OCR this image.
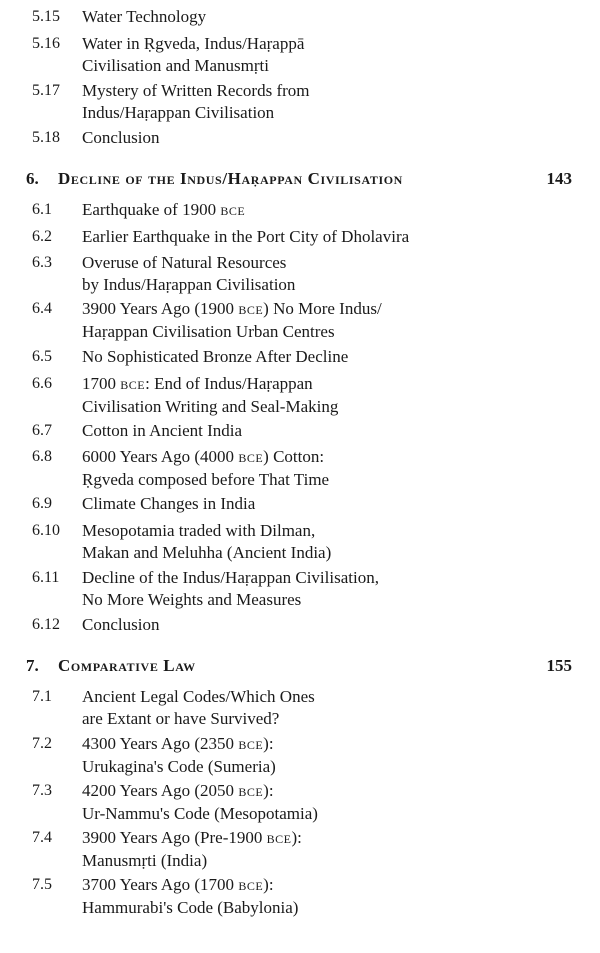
5.15 Water Technology
5.16 Water in Ṛgveda, Indus/Haṛappā
Civilisation and Manusmṛti
5.17 Mystery of Written Records from
Indus/Haṛappan Civilisation
5.18 Conclusion
6. Decline of the Indus/Haṛappan Civilisation	143
6.1 Earthquake of 1900 BCE
6.2 Earlier Earthquake in the Port City of Dholavira
6.3 Overuse of Natural Resources
by Indus/Haṛappan Civilisation
6.4 3900 Years Ago (1900 BCE) No More Indus/
Haṛappan Civilisation Urban Centres
6.5 No Sophisticated Bronze After Decline
6.6 1700 BCE: End of Indus/Haṛappan
Civilisation Writing and Seal-Making
6.7 Cotton in Ancient India
6.8 6000 Years Ago (4000 BCE) Cotton:
Ṛgveda composed before That Time
6.9 Climate Changes in India
6.10 Mesopotamia traded with Dilman,
Makan and Meluhha (Ancient India)
6.11 Decline of the Indus/Haṛappan Civilisation,
No More Weights and Measures
6.12 Conclusion
7. Comparative Law	155
7.1 Ancient Legal Codes/Which Ones
are Extant or have Survived?
7.2 4300 Years Ago (2350 BCE):
Urukagina's Code (Sumeria)
7.3 4200 Years Ago (2050 BCE):
Ur-Nammu's Code (Mesopotamia)
7.4 3900 Years Ago (Pre-1900 BCE):
Manusmṛti (India)
7.5 3700 Years Ago (1700 BCE):
Hammurabi's Code (Babylonia)
